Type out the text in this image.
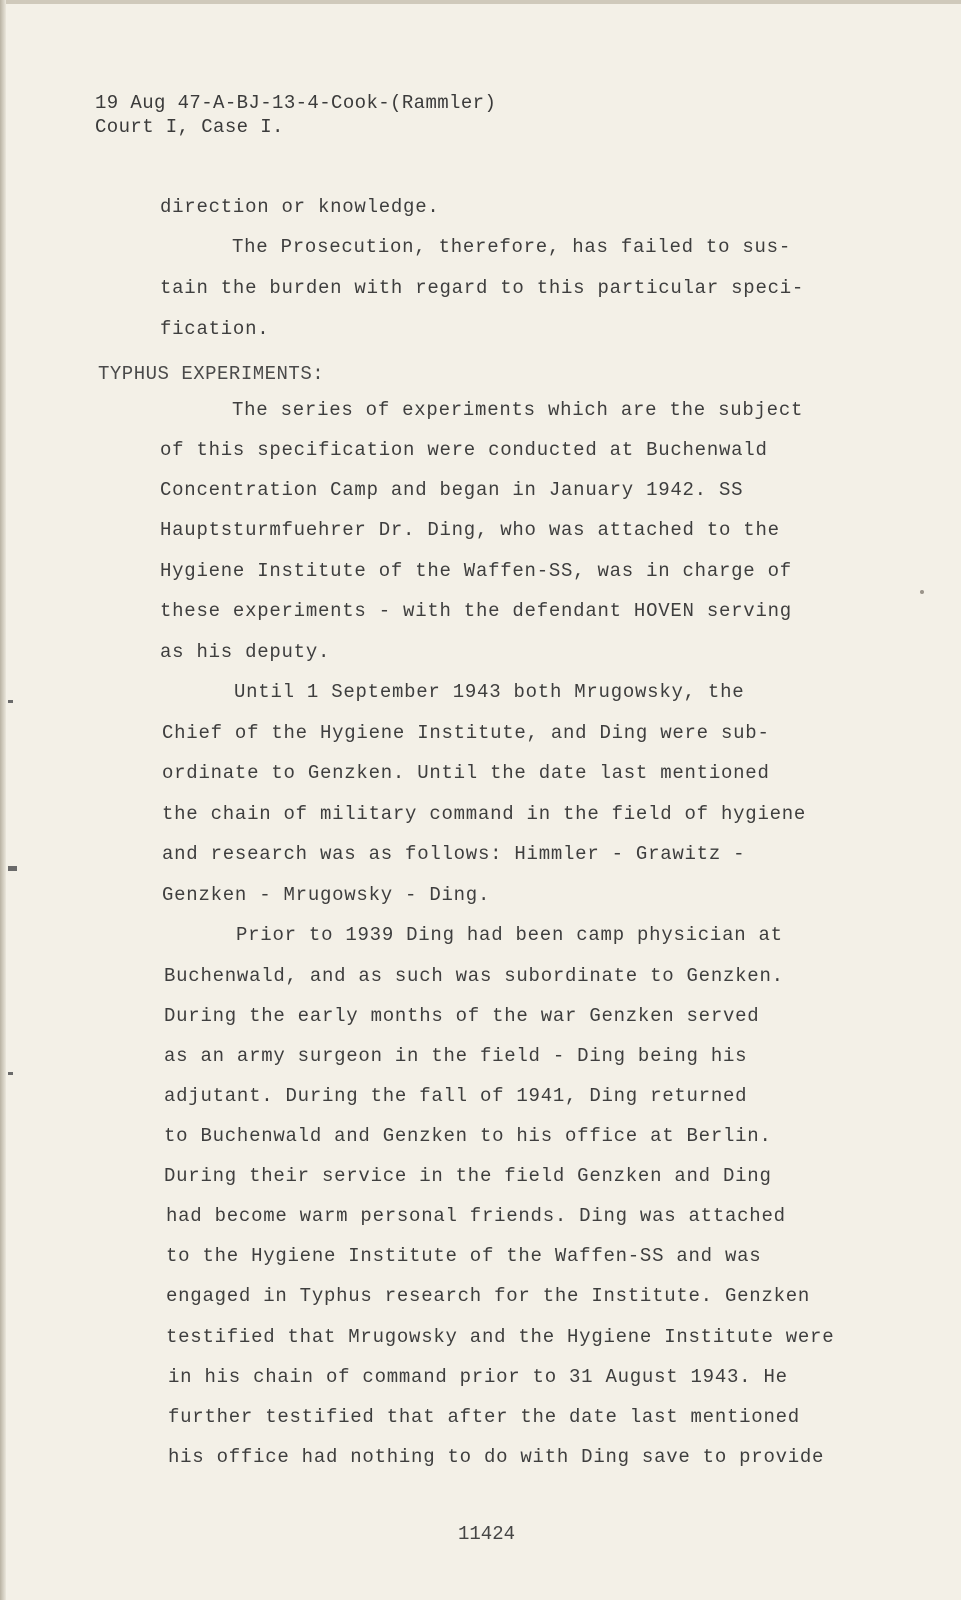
19 Aug 47-A-BJ-13-4-Cook-(Rammler)
Court I, Case I.
direction or knowledge.
The Prosecution, therefore, has failed to sus-
tain the burden with regard to this particular speci-
fication.
TYPHUS EXPERIMENTS:
The series of experiments which are the subject
of this specification were conducted at Buchenwald
Concentration Camp and began in January 1942. SS
Hauptsturmfuehrer Dr. Ding, who was attached to the
Hygiene Institute of the Waffen-SS, was in charge of
these experiments - with the defendant HOVEN serving
as his deputy.
Until 1 September 1943 both Mrugowsky, the
Chief of the Hygiene Institute, and Ding were sub-
ordinate to Genzken. Until the date last mentioned
the chain of military command in the field of hygiene
and research was as follows: Himmler - Grawitz -
Genzken - Mrugowsky - Ding.
Prior to 1939 Ding had been camp physician at
Buchenwald, and as such was subordinate to Genzken.
During the early months of the war Genzken served
as an army surgeon in the field - Ding being his
adjutant. During the fall of 1941, Ding returned
to Buchenwald and Genzken to his office at Berlin.
During their service in the field Genzken and Ding
had become warm personal friends. Ding was attached
to the Hygiene Institute of the Waffen-SS and was
engaged in Typhus research for the Institute. Genzken
testified that Mrugowsky and the Hygiene Institute were
in his chain of command prior to 31 August 1943. He
further testified that after the date last mentioned
his office had nothing to do with Ding save to provide
11424
